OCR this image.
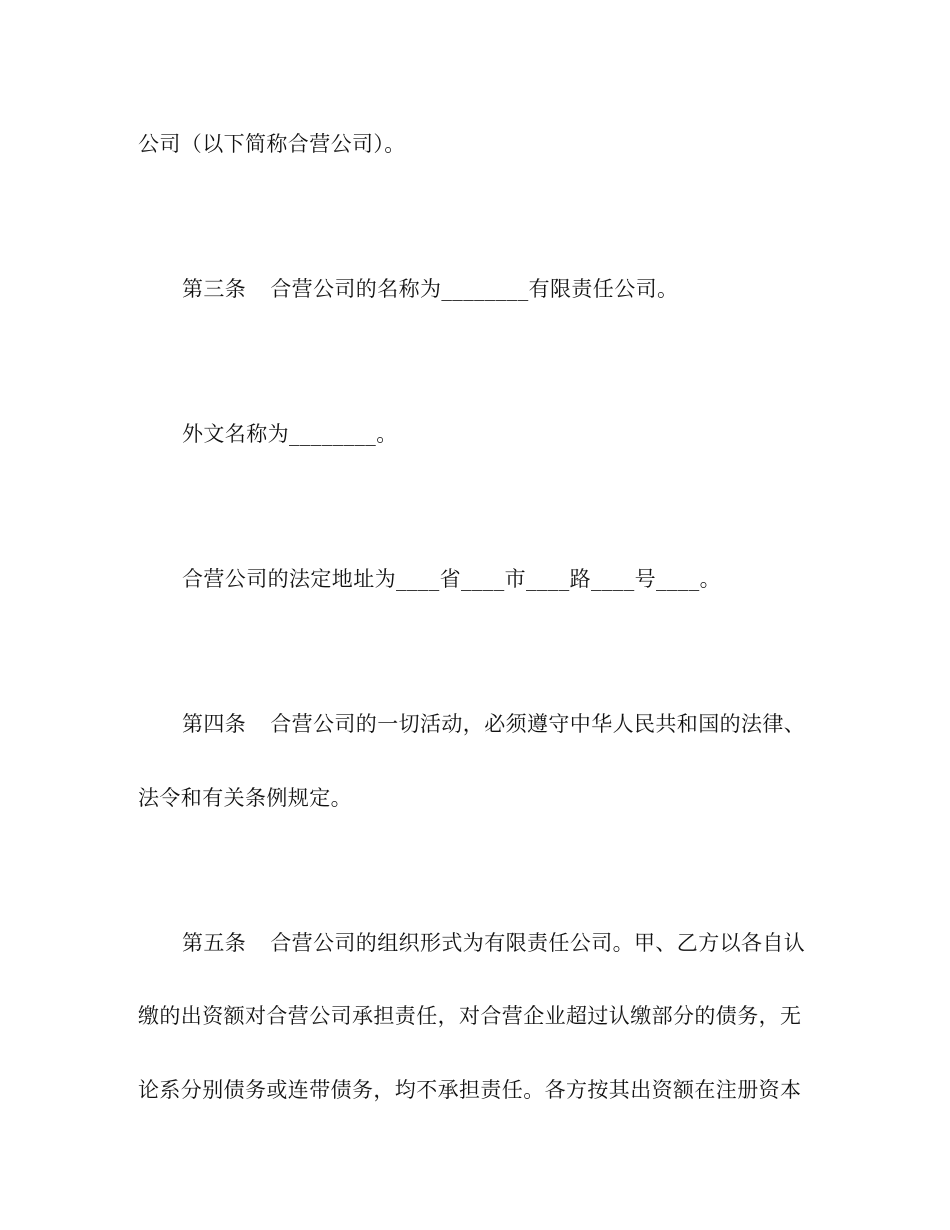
公司（以下简称合营公司）。
第三条 合营公司的名称为________有限责任公司。
外文名称为________。
合营公司的法定地址为____省____市____路____号____。
第四条 合营公司的一切活动，必须遵守中华人民共和国的法律、
法令和有关条例规定。
第五条 合营公司的组织形式为有限责任公司。甲、乙方以各自认
缴的出资额对合营公司承担责任，对合营企业超过认缴部分的债务，无
论系分别债务或连带债务，均不承担责任。各方按其出资额在注册资本
